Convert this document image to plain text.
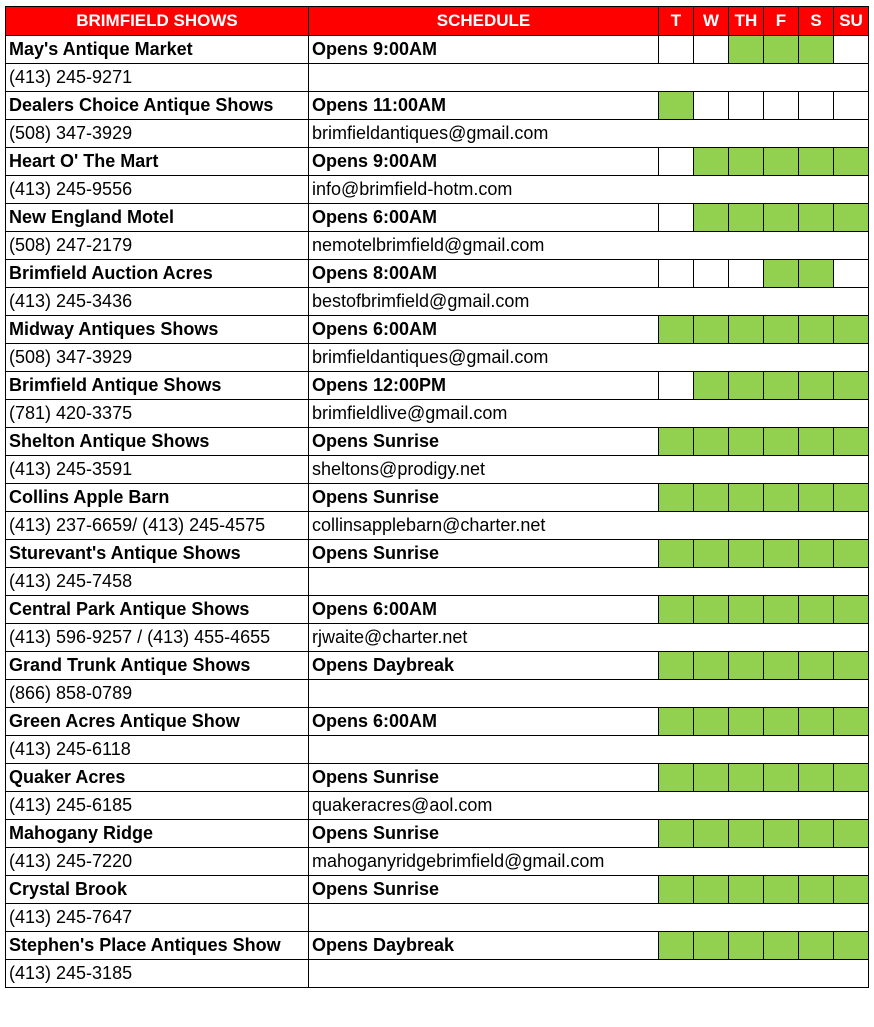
BRIMFIELD SHOWS	SCHEDULE	T	W	TH	F	S	SU
May's Antique Market	Opens 9:00AM						
(413) 245-9271							
Dealers Choice Antique Shows	Opens 11:00AM						
(508) 347-3929	brimfieldantiques@gmail.com						
Heart O' The Mart	Opens 9:00AM						
(413) 245-9556	info@brimfield-hotm.com						
New England Motel	Opens 6:00AM						
(508) 247-2179	nemotelbrimfield@gmail.com						
Brimfield Auction Acres	Opens 8:00AM						
(413) 245-3436	bestofbrimfield@gmail.com						
Midway Antiques Shows	Opens 6:00AM						
(508) 347-3929	brimfieldantiques@gmail.com						
Brimfield Antique Shows	Opens 12:00PM						
(781) 420-3375	brimfieldlive@gmail.com						
Shelton Antique Shows	Opens Sunrise						
(413) 245-3591	sheltons@prodigy.net						
Collins Apple Barn	Opens Sunrise						
(413) 237-6659/ (413) 245-4575	collinsapplebarn@charter.net						
Sturevant's Antique Shows	Opens Sunrise						
(413) 245-7458							
Central Park Antique Shows	Opens 6:00AM						
(413) 596-9257 / (413) 455-4655	rjwaite@charter.net						
Grand Trunk Antique Shows	Opens Daybreak						
(866) 858-0789							
Green Acres Antique Show	Opens 6:00AM						
(413) 245-6118							
Quaker Acres	Opens Sunrise						
(413) 245-6185	quakeracres@aol.com						
Mahogany Ridge	Opens Sunrise						
(413) 245-7220	mahoganyridgebrimfield@gmail.com						
Crystal Brook	Opens Sunrise						
(413) 245-7647							
Stephen's Place Antiques Show	Opens Daybreak						
(413) 245-3185							
